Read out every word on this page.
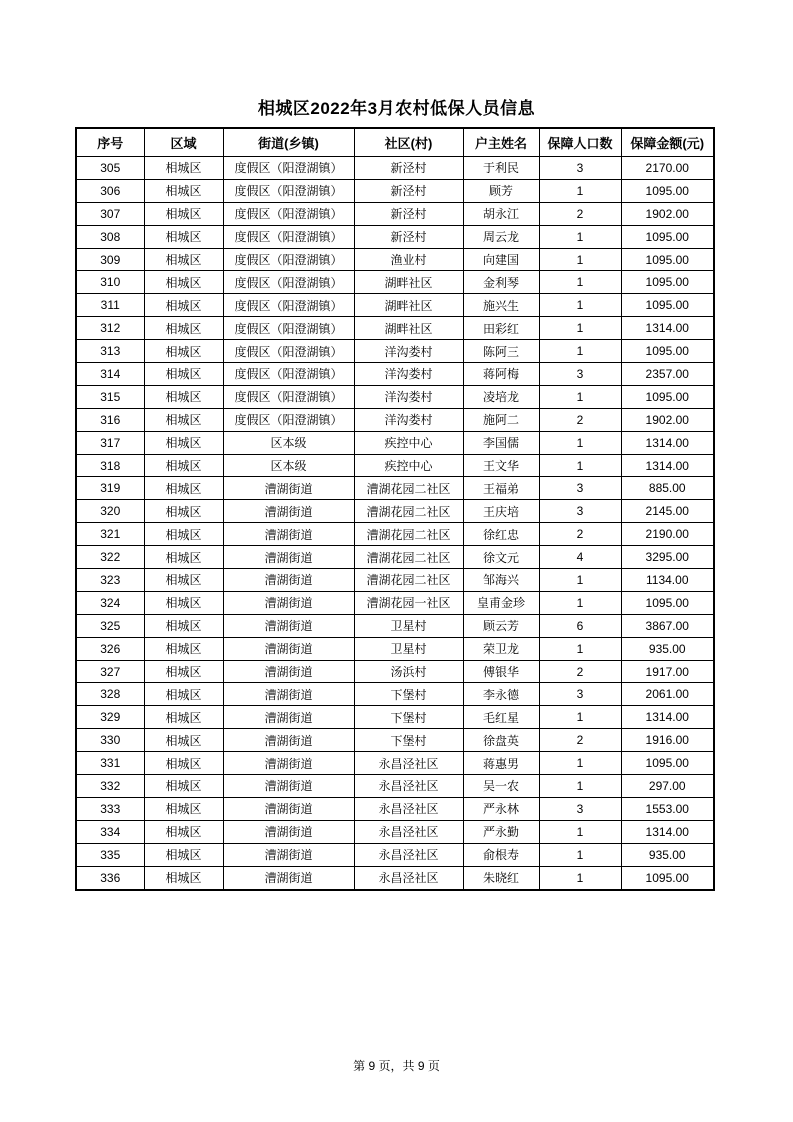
相城区2022年3月农村低保人员信息
序号	区域	街道(乡镇)	社区(村)	户主姓名	保障人口数	保障金额(元)
305	相城区	度假区（阳澄湖镇）	新泾村	于利民	3	2170.00
306	相城区	度假区（阳澄湖镇）	新泾村	顾芳	1	1095.00
307	相城区	度假区（阳澄湖镇）	新泾村	胡永江	2	1902.00
308	相城区	度假区（阳澄湖镇）	新泾村	周云龙	1	1095.00
309	相城区	度假区（阳澄湖镇）	渔业村	向建国	1	1095.00
310	相城区	度假区（阳澄湖镇）	湖畔社区	金利琴	1	1095.00
311	相城区	度假区（阳澄湖镇）	湖畔社区	施兴生	1	1095.00
312	相城区	度假区（阳澄湖镇）	湖畔社区	田彩红	1	1314.00
313	相城区	度假区（阳澄湖镇）	洋沟娄村	陈阿三	1	1095.00
314	相城区	度假区（阳澄湖镇）	洋沟娄村	蒋阿梅	3	2357.00
315	相城区	度假区（阳澄湖镇）	洋沟娄村	凌培龙	1	1095.00
316	相城区	度假区（阳澄湖镇）	洋沟娄村	施阿二	2	1902.00
317	相城区	区本级	疾控中心	李国儒	1	1314.00
318	相城区	区本级	疾控中心	王文华	1	1314.00
319	相城区	漕湖街道	漕湖花园二社区	王福弟	3	885.00
320	相城区	漕湖街道	漕湖花园二社区	王庆培	3	2145.00
321	相城区	漕湖街道	漕湖花园二社区	徐红忠	2	2190.00
322	相城区	漕湖街道	漕湖花园二社区	徐文元	4	3295.00
323	相城区	漕湖街道	漕湖花园二社区	邹海兴	1	1134.00
324	相城区	漕湖街道	漕湖花园一社区	皇甫金珍	1	1095.00
325	相城区	漕湖街道	卫星村	顾云芳	6	3867.00
326	相城区	漕湖街道	卫星村	荣卫龙	1	935.00
327	相城区	漕湖街道	汤浜村	傅银华	2	1917.00
328	相城区	漕湖街道	下堡村	李永德	3	2061.00
329	相城区	漕湖街道	下堡村	毛红星	1	1314.00
330	相城区	漕湖街道	下堡村	徐盘英	2	1916.00
331	相城区	漕湖街道	永昌泾社区	蒋惠男	1	1095.00
332	相城区	漕湖街道	永昌泾社区	吴一农	1	297.00
333	相城区	漕湖街道	永昌泾社区	严永林	3	1553.00
334	相城区	漕湖街道	永昌泾社区	严永勤	1	1314.00
335	相城区	漕湖街道	永昌泾社区	俞根寿	1	935.00
336	相城区	漕湖街道	永昌泾社区	朱晓红	1	1095.00
第 9 页，共 9 页
